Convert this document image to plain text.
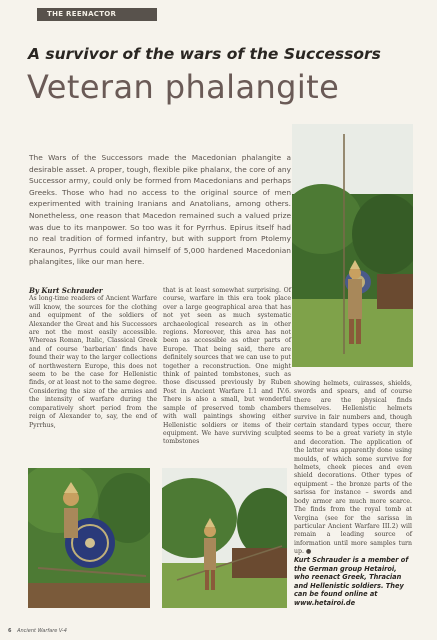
THE REENACTOR
A survivor of the wars of the Successors
Veteran phalangite
The Wars of the Successors made the Macedonian phalangite a desirable asset. A proper, tough, flexible pike phalanx, the core of any Successor army, could only be formed from Macedonians and perhaps Greeks. Those who had no access to the original source of men experimented with training Iranians and Anatolians, among others. Nonetheless, one reason that Macedon remained such a valued prize was due to its manpower. So too was it for Pyrrhus. Epirus itself had no real tradition of formed infantry, but with support from Ptolemy Keraunos, Pyrrhus could avail himself of 5,000 hardened Macedonian phalangites, like our man here.

By Kurt Schrauder

As long-time readers of Ancient Warfare will know, the sources for the clothing and equipment of the soldiers of Alexander the Great and his Successors are not the most easily accessible. Whereas Roman, Italic, Classical Greek and of course 'barbarian' finds have found their way to the larger collections of northwestern Europe, this does not seem to be the case for Hellenistic finds, or at least not to the same degree. Considering the size of the armies and the intensity of warfare during the comparatively short period from the reign of Alexander to, say, the end of Pyrrhus,

that is at least somewhat surprising. Of course, warfare in this era took place over a large geographical area that has not yet seen as much systematic archaeological research as in other regions. Moreover, this area has not been as accessible as other parts of Europe. That being said, there are definitely sources that we can use to put together a reconstruction. One might think of painted tombstones, such as those discussed previously by Ruben Post in Ancient Warfare I.1 and IV.6. There is also a small, but wonderful sample of preserved tomb chambers with wall paintings showing either Hellenistic soldiers or items of their equipment. We have surviving sculpted tombstones

showing helmets, cuirasses, shields, swords and spears, and of course there are the physical finds themselves. Hellenistic helmets survive in fair numbers and, though certain standard types occur, there seems to be a great variety in style and decoration. The application of the latter was apparently done using moulds, of which some survive for helmets, cheek pieces and even shield decorations. Other types of equipment – the bronze parts of the sarissa for instance – swords and body armor are much more scarce. The finds from the royal tomb at Vergina (see for the sarissa in particular Ancient Warfare III.2) will remain a leading source of information until more samples turn up. ●

Kurt Schrauder is a member of the German group Hetairoi, who reenact Greek, Thracian and Hellenistic soldiers. They can be found online at www.hetairoi.de
6 Ancient Warfare V-4
